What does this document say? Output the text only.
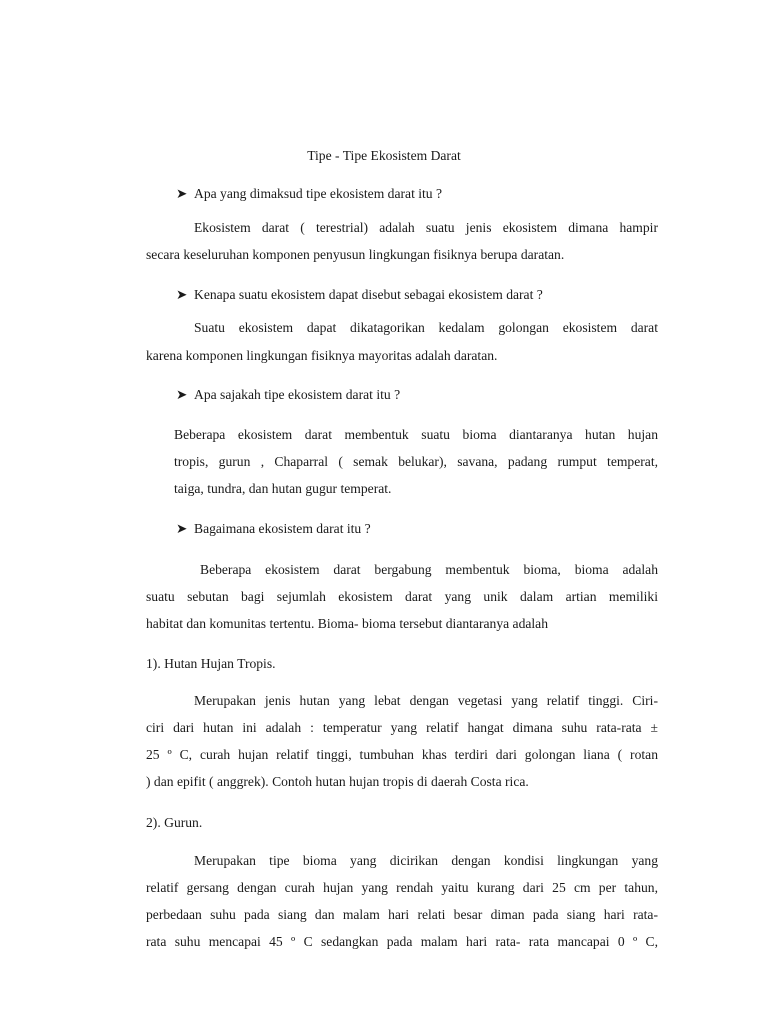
Tipe - Tipe Ekosistem Darat
➤ Apa yang dimaksud tipe ekosistem darat itu ?
Ekosistem darat ( terestrial) adalah suatu jenis ekosistem dimana hampir
secara keseluruhan komponen penyusun lingkungan fisiknya berupa daratan.
➤ Kenapa suatu ekosistem dapat disebut sebagai ekosistem darat ?
Suatu ekosistem dapat dikatagorikan kedalam golongan ekosistem darat
karena komponen lingkungan fisiknya mayoritas adalah daratan.
➤ Apa sajakah tipe ekosistem darat itu ?
Beberapa ekosistem darat membentuk suatu bioma diantaranya hutan hujan
tropis, gurun , Chaparral ( semak belukar), savana, padang rumput temperat,
taiga, tundra, dan hutan gugur temperat.
➤ Bagaimana ekosistem darat itu ?
Beberapa ekosistem darat bergabung membentuk bioma, bioma adalah
suatu sebutan bagi sejumlah ekosistem darat yang unik dalam artian memiliki
habitat dan komunitas tertentu. Bioma- bioma tersebut diantaranya adalah
1). Hutan Hujan Tropis.
Merupakan jenis hutan yang lebat dengan vegetasi yang relatif tinggi. Ciri-
ciri dari hutan ini adalah : temperatur yang relatif hangat dimana suhu rata-rata ±
25 º C, curah hujan relatif tinggi, tumbuhan khas terdiri dari golongan liana ( rotan
) dan epifit ( anggrek). Contoh hutan hujan tropis di daerah Costa rica.
2). Gurun.
Merupakan tipe bioma yang dicirikan dengan kondisi lingkungan yang
relatif gersang dengan curah hujan yang rendah yaitu kurang dari 25 cm per tahun,
perbedaan suhu pada siang dan malam hari relati besar diman pada siang hari rata-
rata suhu mencapai 45 º C sedangkan pada malam hari rata- rata mancapai 0 º C,
